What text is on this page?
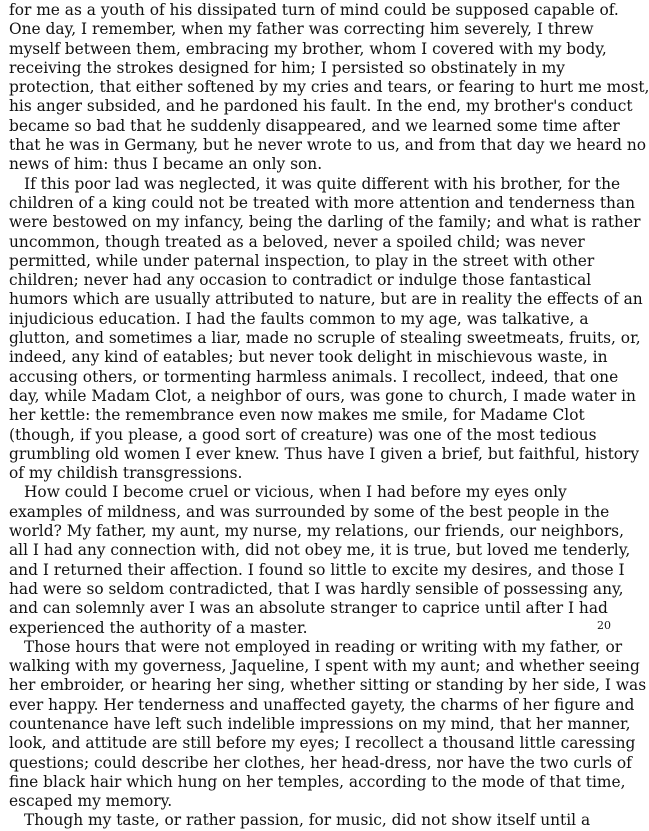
for me as a youth of his dissipated turn of mind could be supposed capable of.
One day, I remember, when my father was correcting him severely, I threw
myself between them, embracing my brother, whom I covered with my body,
receiving the strokes designed for him; I persisted so obstinately in my
protection, that either softened by my cries and tears, or fearing to hurt me most,
his anger subsided, and he pardoned his fault. In the end, my brother's conduct
became so bad that he suddenly disappeared, and we learned some time after
that he was in Germany, but he never wrote to us, and from that day we heard no
news of him: thus I became an only son.
If this poor lad was neglected, it was quite different with his brother, for the
children of a king could not be treated with more attention and tenderness than
were bestowed on my infancy, being the darling of the family; and what is rather
uncommon, though treated as a beloved, never a spoiled child; was never
permitted, while under paternal inspection, to play in the street with other
children; never had any occasion to contradict or indulge those fantastical
humors which are usually attributed to nature, but are in reality the effects of an
injudicious education. I had the faults common to my age, was talkative, a
glutton, and sometimes a liar, made no scruple of stealing sweetmeats, fruits, or,
indeed, any kind of eatables; but never took delight in mischievous waste, in
accusing others, or tormenting harmless animals. I recollect, indeed, that one
day, while Madam Clot, a neighbor of ours, was gone to church, I made water in
her kettle: the remembrance even now makes me smile, for Madame Clot
(though, if you please, a good sort of creature) was one of the most tedious
grumbling old women I ever knew. Thus have I given a brief, but faithful, history
of my childish transgressions.
How could I become cruel or vicious, when I had before my eyes only
examples of mildness, and was surrounded by some of the best people in the
world? My father, my aunt, my nurse, my relations, our friends, our neighbors,
all I had any connection with, did not obey me, it is true, but loved me tenderly,
and I returned their affection. I found so little to excite my desires, and those I
had were so seldom contradicted, that I was hardly sensible of possessing any,
and can solemnly aver I was an absolute stranger to caprice until after I had
experienced the authority of a master.
Those hours that were not employed in reading or writing with my father, or
walking with my governess, Jaqueline, I spent with my aunt; and whether seeing
her embroider, or hearing her sing, whether sitting or standing by her side, I was
ever happy. Her tenderness and unaffected gayety, the charms of her figure and
countenance have left such indelible impressions on my mind, that her manner,
look, and attitude are still before my eyes; I recollect a thousand little caressing
questions; could describe her clothes, her head-dress, nor have the two curls of
fine black hair which hung on her temples, according to the mode of that time,
escaped my memory.
Though my taste, or rather passion, for music, did not show itself until a
20
